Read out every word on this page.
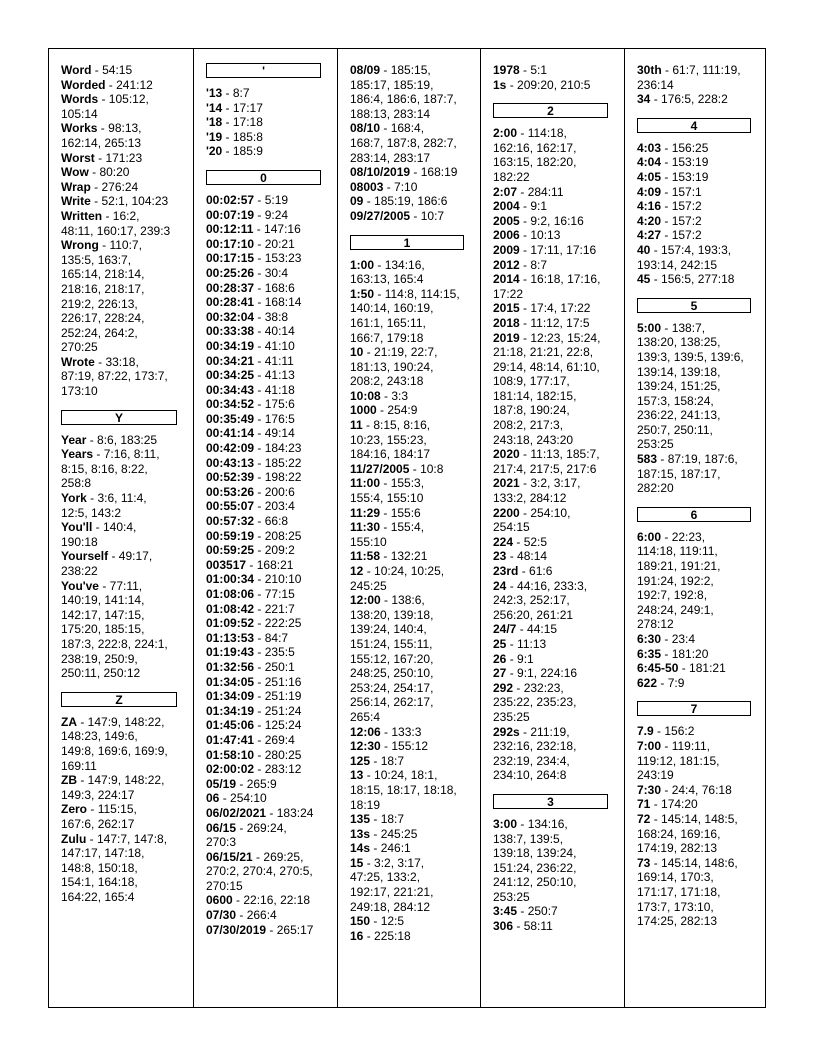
Word - 54:15
Worded - 241:12
Words - 105:12,
105:14
Works - 98:13,
162:14, 265:13
Worst - 171:23
Wow - 80:20
Wrap - 276:24
Write - 52:1, 104:23
Written - 16:2,
48:11, 160:17, 239:3
Wrong - 110:7,
135:5, 163:7,
165:14, 218:14,
218:16, 218:17,
219:2, 226:13,
226:17, 228:24,
252:24, 264:2,
270:25
Wrote - 33:18,
87:19, 87:22, 173:7,
173:10
Y
Year - 8:6, 183:25
Years - 7:16, 8:11,
8:15, 8:16, 8:22,
258:8
York - 3:6, 11:4,
12:5, 143:2
You'll - 140:4,
190:18
Yourself - 49:17,
238:22
You've - 77:11,
140:19, 141:14,
142:17, 147:15,
175:20, 185:15,
187:3, 222:8, 224:1,
238:19, 250:9,
250:11, 250:12
Z
ZA - 147:9, 148:22,
148:23, 149:6,
149:8, 169:6, 169:9,
169:11
ZB - 147:9, 148:22,
149:3, 224:17
Zero - 115:15,
167:6, 262:17
Zulu - 147:7, 147:8,
147:17, 147:18,
148:8, 150:18,
154:1, 164:18,
164:22, 165:4
'
'13 - 8:7
'14 - 17:17
'18 - 17:18
'19 - 185:8
'20 - 185:9
0
00:02:57 - 5:19
00:07:19 - 9:24
00:12:11 - 147:16
00:17:10 - 20:21
00:17:15 - 153:23
00:25:26 - 30:4
00:28:37 - 168:6
00:28:41 - 168:14
00:32:04 - 38:8
00:33:38 - 40:14
00:34:19 - 41:10
00:34:21 - 41:11
00:34:25 - 41:13
00:34:43 - 41:18
00:34:52 - 175:6
00:35:49 - 176:5
00:41:14 - 49:14
00:42:09 - 184:23
00:43:13 - 185:22
00:52:39 - 198:22
00:53:26 - 200:6
00:55:07 - 203:4
00:57:32 - 66:8
00:59:19 - 208:25
00:59:25 - 209:2
003517 - 168:21
01:00:34 - 210:10
01:08:06 - 77:15
01:08:42 - 221:7
01:09:52 - 222:25
01:13:53 - 84:7
01:19:43 - 235:5
01:32:56 - 250:1
01:34:05 - 251:16
01:34:09 - 251:19
01:34:19 - 251:24
01:45:06 - 125:24
01:47:41 - 269:4
01:58:10 - 280:25
02:00:02 - 283:12
05/19 - 265:9
06 - 254:10
06/02/2021 - 183:24
06/15 - 269:24,
270:3
06/15/21 - 269:25,
270:2, 270:4, 270:5,
270:15
0600 - 22:16, 22:18
07/30 - 266:4
07/30/2019 - 265:17
08/09 - 185:15,
185:17, 185:19,
186:4, 186:6, 187:7,
188:13, 283:14
08/10 - 168:4,
168:7, 187:8, 282:7,
283:14, 283:17
08/10/2019 - 168:19
08003 - 7:10
09 - 185:19, 186:6
09/27/2005 - 10:7
1
1:00 - 134:16,
163:13, 165:4
1:50 - 114:8, 114:15,
140:14, 160:19,
161:1, 165:11,
166:7, 179:18
10 - 21:19, 22:7,
181:13, 190:24,
208:2, 243:18
10:08 - 3:3
1000 - 254:9
11 - 8:15, 8:16,
10:23, 155:23,
184:16, 184:17
11/27/2005 - 10:8
11:00 - 155:3,
155:4, 155:10
11:29 - 155:6
11:30 - 155:4,
155:10
11:58 - 132:21
12 - 10:24, 10:25,
245:25
12:00 - 138:6,
138:20, 139:18,
139:24, 140:4,
151:24, 155:11,
155:12, 167:20,
248:25, 250:10,
253:24, 254:17,
256:14, 262:17,
265:4
12:06 - 133:3
12:30 - 155:12
125 - 18:7
13 - 10:24, 18:1,
18:15, 18:17, 18:18,
18:19
135 - 18:7
13s - 245:25
14s - 246:1
15 - 3:2, 3:17,
47:25, 133:2,
192:17, 221:21,
249:18, 284:12
150 - 12:5
16 - 225:18
1978 - 5:1
1s - 209:20, 210:5
2
2:00 - 114:18,
162:16, 162:17,
163:15, 182:20,
182:22
2:07 - 284:11
2004 - 9:1
2005 - 9:2, 16:16
2006 - 10:13
2009 - 17:11, 17:16
2012 - 8:7
2014 - 16:18, 17:16,
17:22
2015 - 17:4, 17:22
2018 - 11:12, 17:5
2019 - 12:23, 15:24,
21:18, 21:21, 22:8,
29:14, 48:14, 61:10,
108:9, 177:17,
181:14, 182:15,
187:8, 190:24,
208:2, 217:3,
243:18, 243:20
2020 - 11:13, 185:7,
217:4, 217:5, 217:6
2021 - 3:2, 3:17,
133:2, 284:12
2200 - 254:10,
254:15
224 - 52:5
23 - 48:14
23rd - 61:6
24 - 44:16, 233:3,
242:3, 252:17,
256:20, 261:21
24/7 - 44:15
25 - 11:13
26 - 9:1
27 - 9:1, 224:16
292 - 232:23,
235:22, 235:23,
235:25
292s - 211:19,
232:16, 232:18,
232:19, 234:4,
234:10, 264:8
3
3:00 - 134:16,
138:7, 139:5,
139:18, 139:24,
151:24, 236:22,
241:12, 250:10,
253:25
3:45 - 250:7
306 - 58:11
30th - 61:7, 111:19,
236:14
34 - 176:5, 228:2
4
4:03 - 156:25
4:04 - 153:19
4:05 - 153:19
4:09 - 157:1
4:16 - 157:2
4:20 - 157:2
4:27 - 157:2
40 - 157:4, 193:3,
193:14, 242:15
45 - 156:5, 277:18
5
5:00 - 138:7,
138:20, 138:25,
139:3, 139:5, 139:6,
139:14, 139:18,
139:24, 151:25,
157:3, 158:24,
236:22, 241:13,
250:7, 250:11,
253:25
583 - 87:19, 187:6,
187:15, 187:17,
282:20
6
6:00 - 22:23,
114:18, 119:11,
189:21, 191:21,
191:24, 192:2,
192:7, 192:8,
248:24, 249:1,
278:12
6:30 - 23:4
6:35 - 181:20
6:45-50 - 181:21
622 - 7:9
7
7.9 - 156:2
7:00 - 119:11,
119:12, 181:15,
243:19
7:30 - 24:4, 76:18
71 - 174:20
72 - 145:14, 148:5,
168:24, 169:16,
174:19, 282:13
73 - 145:14, 148:6,
169:14, 170:3,
171:17, 171:18,
173:7, 173:10,
174:25, 282:13
